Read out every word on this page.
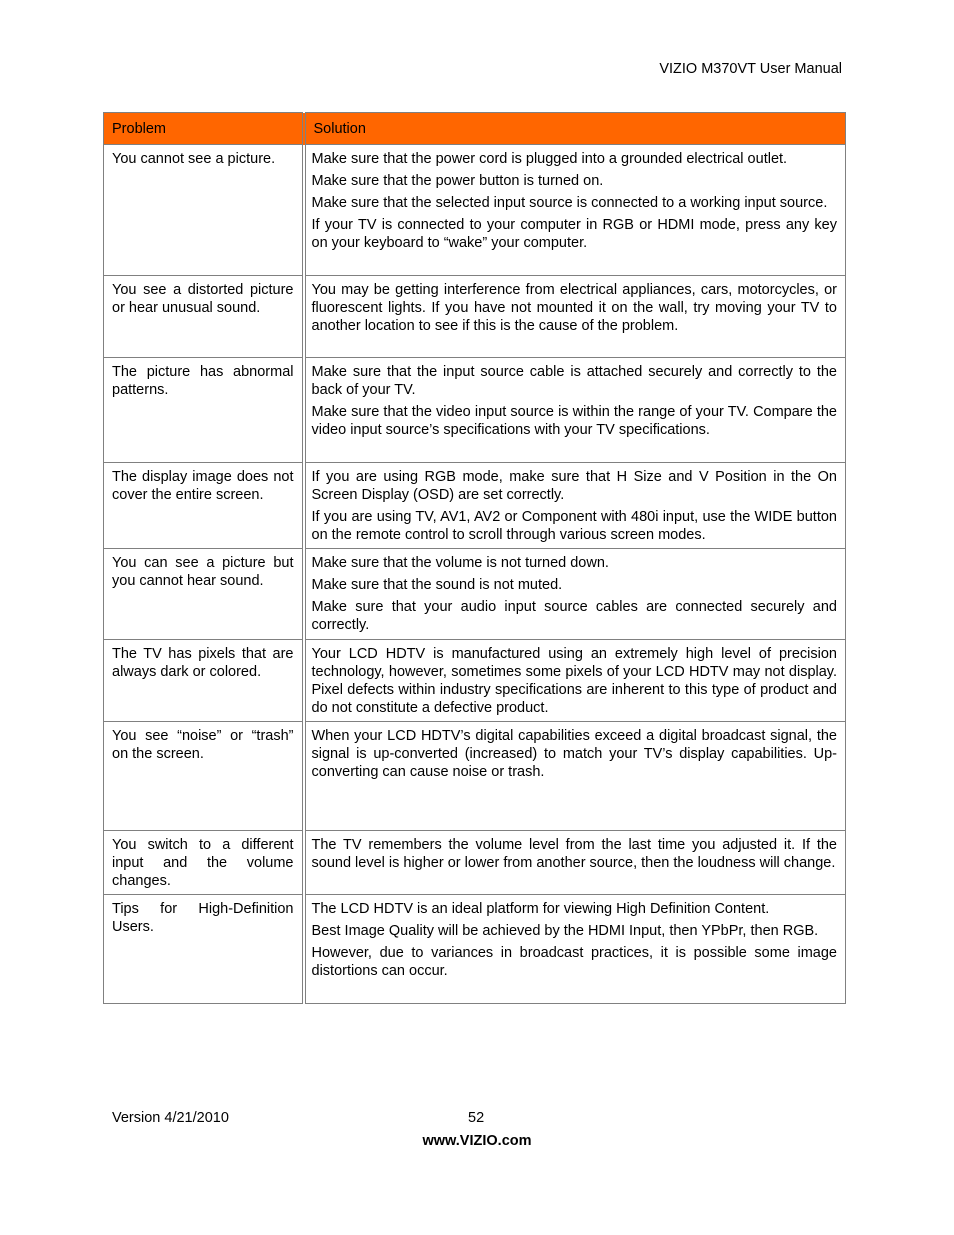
VIZIO M370VT User Manual
Problem	Solution

You cannot see a picture.	Make sure that the power cord is plugged into a grounded electrical outlet.

Make sure that the power button is turned on.

Make sure that the selected input source is connected to a working input source.

If your TV is connected to your computer in RGB or HDMI mode, press any key on your keyboard to “wake” your computer.

You see a distorted picture or hear unusual sound.	You may be getting interference from electrical appliances, cars, motorcycles, or fluorescent lights. If you have not mounted it on the wall, try moving your TV to another location to see if this is the cause of the problem.

The picture has abnormal patterns.	Make sure that the input source cable is attached securely and correctly to the back of your TV.

Make sure that the video input source is within the range of your TV. Compare the video input source’s specifications with your TV specifications.

The display image does not cover the entire screen.	If you are using RGB mode, make sure that H Size and V Position in the On Screen Display (OSD) are set correctly.

If you are using TV, AV1, AV2 or Component with 480i input, use the WIDE button on the remote control to scroll through various screen modes.

You can see a picture but you cannot hear sound.	Make sure that the volume is not turned down.

Make sure that the sound is not muted.

Make sure that your audio input source cables are connected securely and correctly.

The TV has pixels that are always dark or colored.	Your LCD HDTV is manufactured using an extremely high level of precision technology, however, sometimes some pixels of your LCD HDTV may not display. Pixel defects within industry specifications are inherent to this type of product and do not constitute a defective product.

You see “noise” or “trash” on the screen.	When your LCD HDTV’s digital capabilities exceed a digital broadcast signal, the signal is up-converted (increased) to match your TV’s display capabilities. Up-converting can cause noise or trash.

You switch to a different input and the volume changes.	The TV remembers the volume level from the last time you adjusted it. If the sound level is higher or lower from another source, then the loudness will change.

Tips for High-Definition Users.	The LCD HDTV is an ideal platform for viewing High Definition Content.

Best Image Quality will be achieved by the HDMI Input, then YPbPr, then RGB.

However, due to variances in broadcast practices, it is possible some image distortions can occur.

Version 4/21/2010	52
www.VIZIO.com
